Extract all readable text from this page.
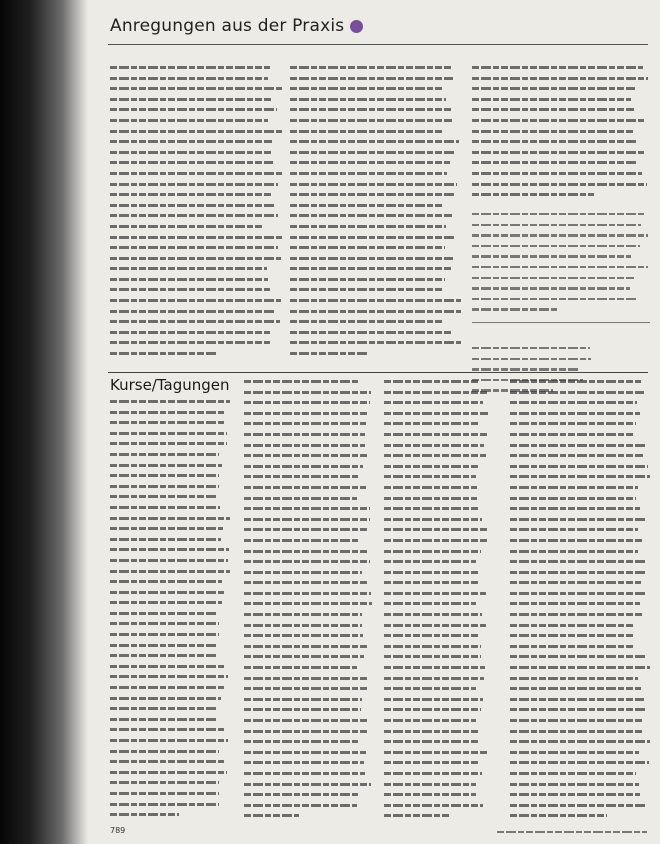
Anregungen aus der Praxis
Kurse/Tagungen
789
